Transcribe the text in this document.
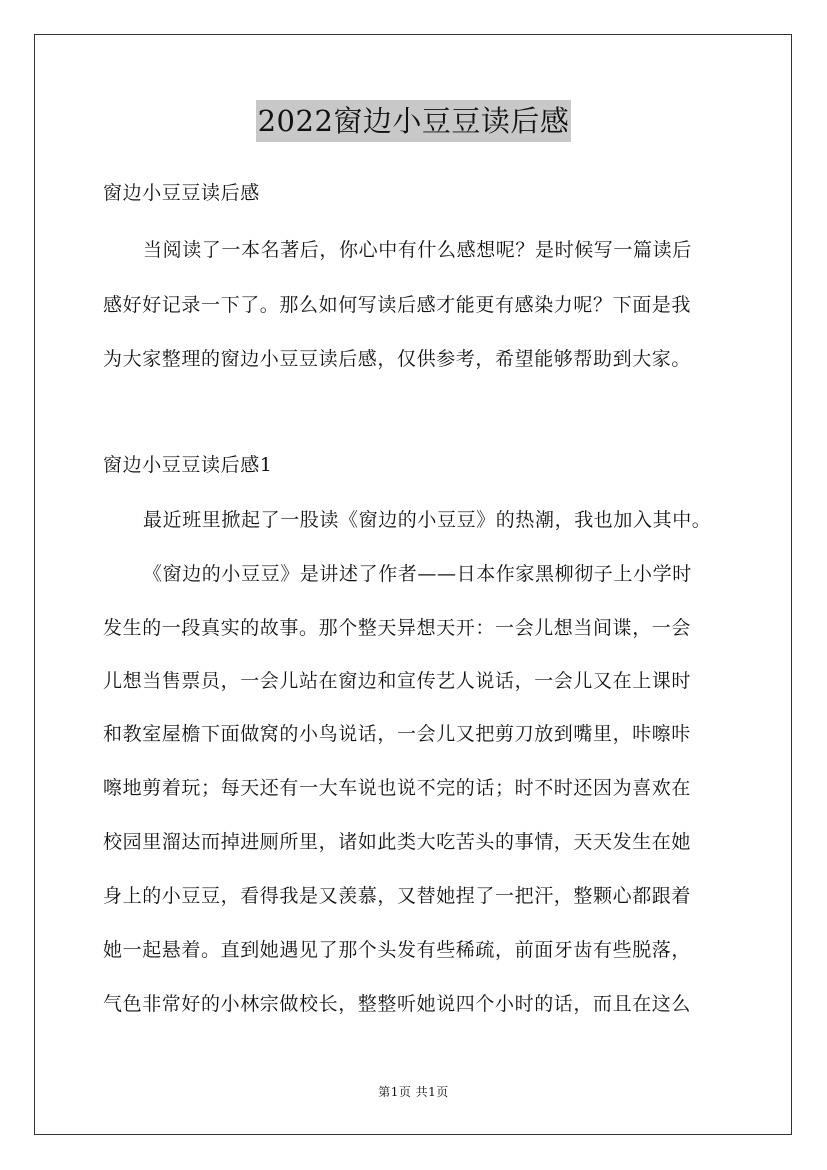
2022窗边小豆豆读后感
窗边小豆豆读后感
当阅读了一本名著后，你心中有什么感想呢？是时候写一篇读后
感好好记录一下了。那么如何写读后感才能更有感染力呢？下面是我
为大家整理的窗边小豆豆读后感，仅供参考，希望能够帮助到大家。
窗边小豆豆读后感1
最近班里掀起了一股读《窗边的小豆豆》的热潮，我也加入其中。
《窗边的小豆豆》是讲述了作者——日本作家黑柳彻子上小学时
发生的一段真实的故事。那个整天异想天开：一会儿想当间谍，一会
儿想当售票员，一会儿站在窗边和宣传艺人说话，一会儿又在上课时
和教室屋檐下面做窝的小鸟说话，一会儿又把剪刀放到嘴里，咔嚓咔
嚓地剪着玩；每天还有一大车说也说不完的话；时不时还因为喜欢在
校园里溜达而掉进厕所里，诸如此类大吃苦头的事情，天天发生在她
身上的小豆豆，看得我是又羡慕，又替她捏了一把汗，整颗心都跟着
她一起悬着。直到她遇见了那个头发有些稀疏，前面牙齿有些脱落，
气色非常好的小林宗做校长，整整听她说四个小时的话，而且在这么
第1页 共1页
